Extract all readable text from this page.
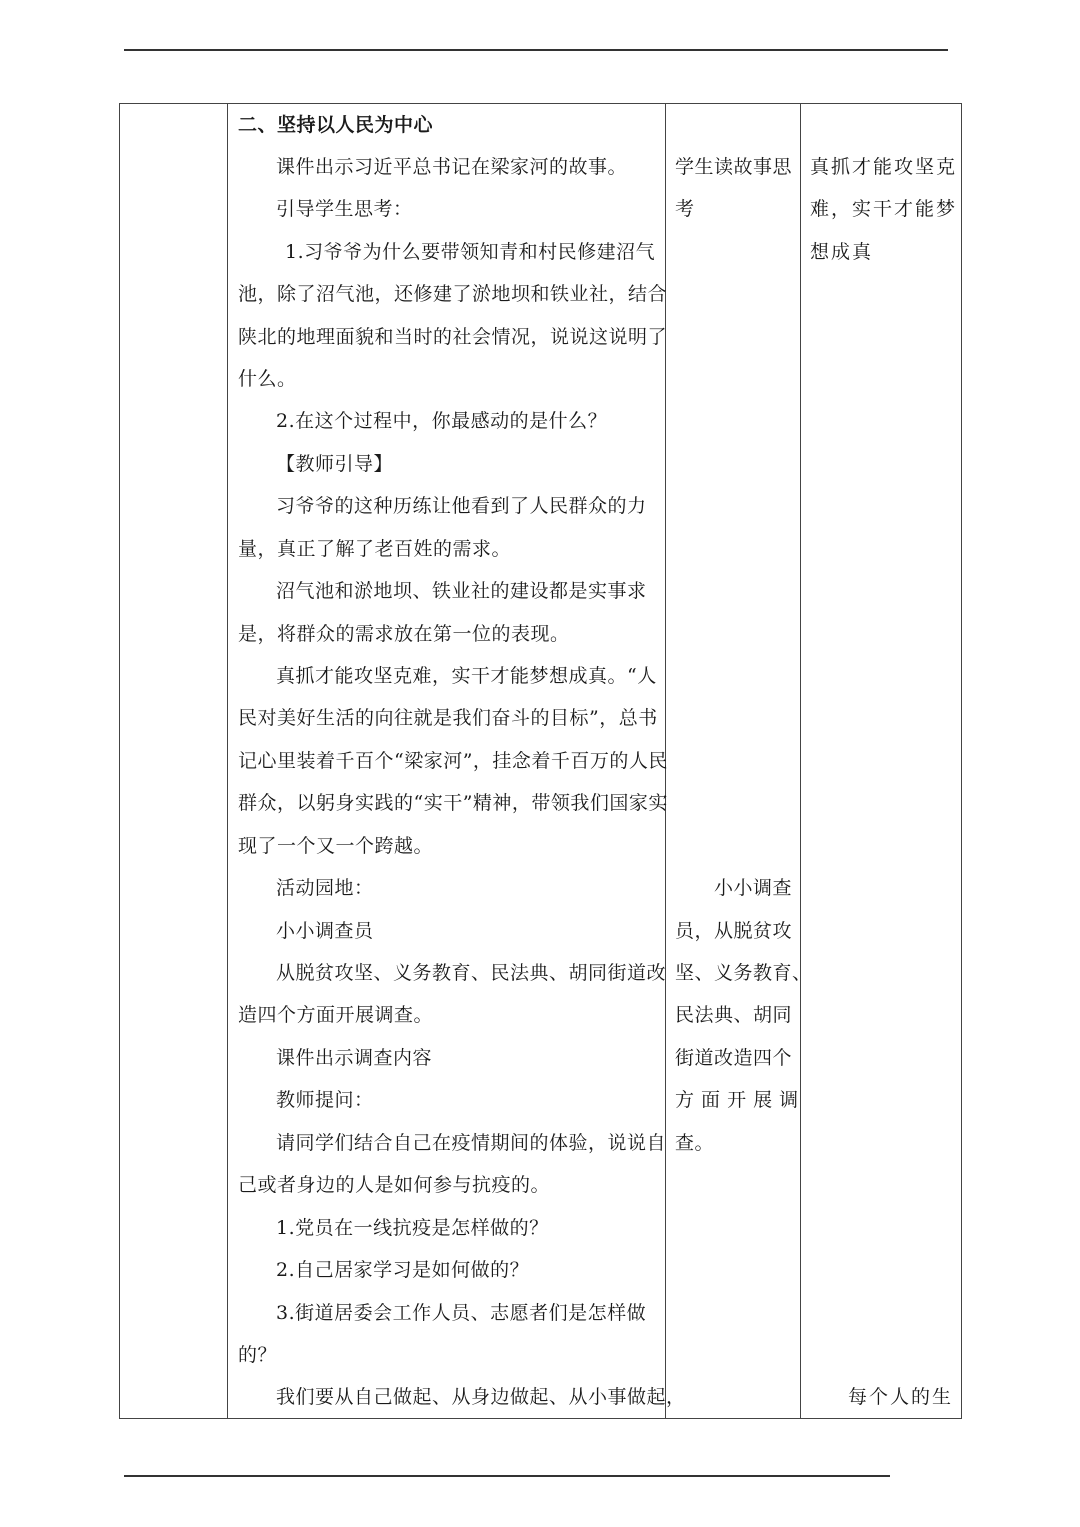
二、坚持以人民为中心
课件出示习近平总书记在梁家河的故事。
引导学生思考：
1.习爷爷为什么要带领知青和村民修建沼气
池，除了沼气池，还修建了淤地坝和铁业社，结合
陕北的地理面貌和当时的社会情况，说说这说明了
什么。
2.在这个过程中，你最感动的是什么？
【教师引导】
习爷爷的这种历练让他看到了人民群众的力
量，真正了解了老百姓的需求。
沼气池和淤地坝、铁业社的建设都是实事求
是，将群众的需求放在第一位的表现。
真抓才能攻坚克难，实干才能梦想成真。“人
民对美好生活的向往就是我们奋斗的目标”，总书
记心里装着千百个“梁家河”，挂念着千百万的人民
群众，以躬身实践的“实干”精神，带领我们国家实
现了一个又一个跨越。
活动园地：
小小调查员
从脱贫攻坚、义务教育、民法典、胡同街道改
造四个方面开展调查。
课件出示调查内容
教师提问：
请同学们结合自己在疫情期间的体验，说说自
己或者身边的人是如何参与抗疫的。
1.党员在一线抗疫是怎样做的？
2.自己居家学习是如何做的？
3.街道居委会工作人员、志愿者们是怎样做
的？
我们要从自己做起、从身边做起、从小事做起，
学生读故事思
考
小小调查
员，从脱贫攻
坚、义务教育、
民法典、胡同
街道改造四个
方 面 开 展 调
查。
真抓才能攻坚克
难，实干才能梦
想成真
每个人的生
